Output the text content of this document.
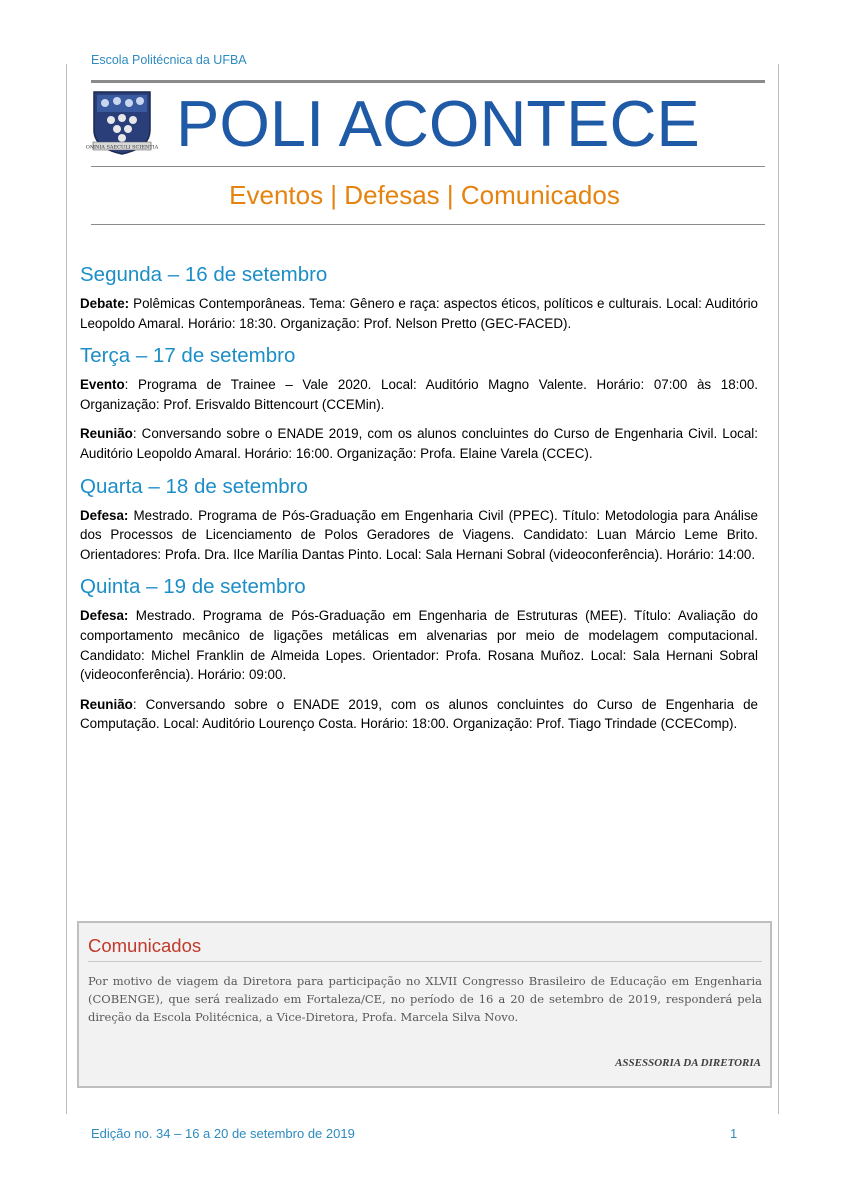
Escola Politécnica da UFBA
OMNIA SAECULI SCIENTIA POLI ACONTECE
Eventos | Defesas | Comunicados
Segunda – 16 de setembro

Debate: Polêmicas Contemporâneas. Tema: Gênero e raça: aspectos éticos, políticos e culturais. Local: Auditório Leopoldo Amaral. Horário: 18:30. Organização: Prof. Nelson Pretto (GEC-FACED).

Terça – 17 de setembro

Evento: Programa de Trainee – Vale 2020. Local: Auditório Magno Valente. Horário: 07:00 às 18:00. Organização: Prof. Erisvaldo Bittencourt (CCEMin).

Reunião: Conversando sobre o ENADE 2019, com os alunos concluintes do Curso de Engenharia Civil. Local: Auditório Leopoldo Amaral. Horário: 16:00. Organização: Profa. Elaine Varela (CCEC).

Quarta – 18 de setembro

Defesa: Mestrado. Programa de Pós-Graduação em Engenharia Civil (PPEC). Título: Metodologia para Análise dos Processos de Licenciamento de Polos Geradores de Viagens. Candidato: Luan Márcio Leme Brito. Orientadores: Profa. Dra. Ilce Marília Dantas Pinto. Local: Sala Hernani Sobral (videoconferência). Horário: 14:00.

Quinta – 19 de setembro

Defesa: Mestrado. Programa de Pós-Graduação em Engenharia de Estruturas (MEE). Título: Avaliação do comportamento mecânico de ligações metálicas em alvenarias por meio de modelagem computacional. Candidato: Michel Franklin de Almeida Lopes. Orientador: Profa. Rosana Muñoz. Local: Sala Hernani Sobral (videoconferência). Horário: 09:00.

Reunião: Conversando sobre o ENADE 2019, com os alunos concluintes do Curso de Engenharia de Computação. Local: Auditório Lourenço Costa. Horário: 18:00. Organização: Prof. Tiago Trindade (CCEComp).

Comunicados
Por motivo de viagem da Diretora para participação no XLVII Congresso Brasileiro de Educação em Engenharia (COBENGE), que será realizado em Fortaleza/CE, no período de 16 a 20 de setembro de 2019, responderá pela direção da Escola Politécnica, a Vice-Diretora, Profa. Marcela Silva Novo.
ASSESSORIA DA DIRETORIA
Edição no. 34 – 16 a 20 de setembro de 2019	1
